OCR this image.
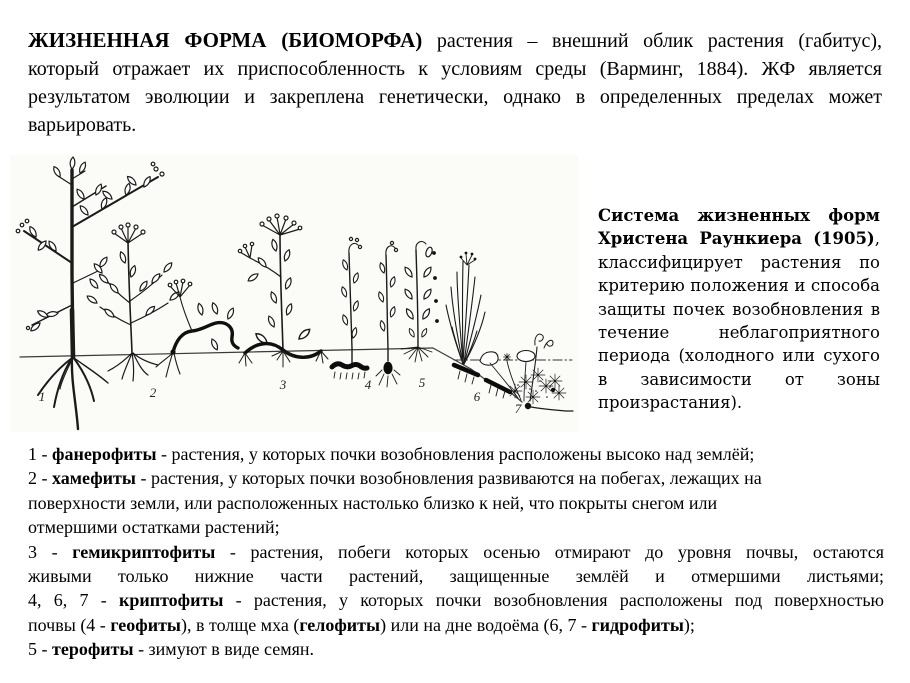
ЖИЗНЕННАЯ ФОРМА (БИОМОРФА) растения – внешний облик растения (габитус),
который отражает их приспособленность к условиям среды (Варминг, 1884). ЖФ является
результатом эволюции и закреплена генетически, однако в определенных пределах может
варьировать.
1	2
3	4	5
6
7
Система жизненных форм
Христена Раункиера (1905),
классифицирует растения по
критерию положения и способа
защиты почек возобновления в
течение неблагоприятного
периода (холодного или сухого
в зависимости от зоны
произрастания).
1 - фанерофиты - растения, у которых почки возобновления расположены высоко над землёй;
2 - хамефиты - растения, у которых почки возобновления развиваются на побегах, лежащих на
поверхности земли, или расположенных настолько близко к ней, что покрыты снегом или
отмершими остатками растений;
3 - гемикриптофиты - растения, побеги которых осенью отмирают до уровня почвы, остаются
живыми только нижние части растений, защищенные землёй и отмершими листьями;
4, 6, 7 - криптофиты - растения, у которых почки возобновления расположены под поверхностью
почвы (4 - геофиты), в толще мха (гелофиты) или на дне водоёма (6, 7 - гидрофиты);
5 - терофиты - зимуют в виде семян.
